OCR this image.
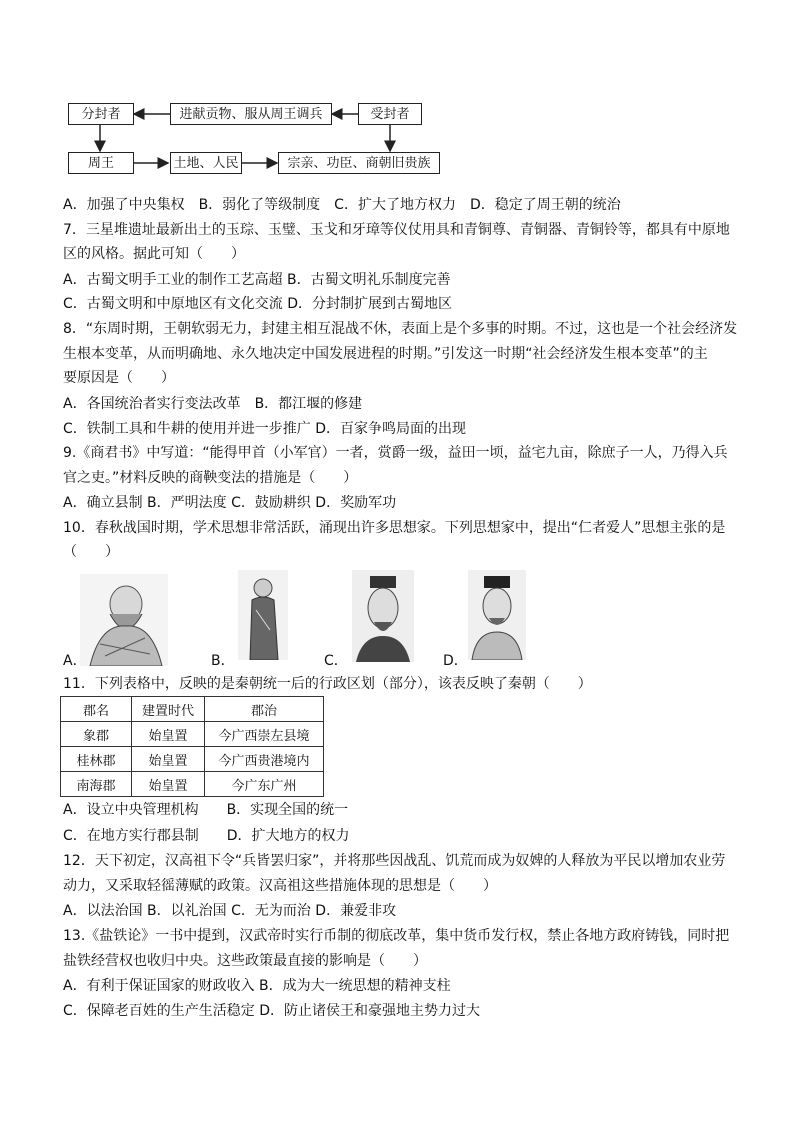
分封者	进献贡物、服从周王调兵	受封者
周王	土地、人民	宗亲、功臣、商朝旧贵族
A．加强了中央集权　B．弱化了等级制度　C．扩大了地方权力　D．稳定了周王朝的统治
7．三星堆遗址最新出土的玉琮、玉璧、玉戈和牙璋等仪仗用具和青铜尊、青铜器、青铜铃等，都具有中原地
区的风格。据此可知（　　）
A．古蜀文明手工业的制作工艺高超 B．古蜀文明礼乐制度完善
C．古蜀文明和中原地区有文化交流 D．分封制扩展到古蜀地区
8．“东周时期，王朝软弱无力，封建主相互混战不休，表面上是个多事的时期。不过，这也是一个社会经济发
生根本变革，从而明确地、永久地决定中国发展进程的时期。”引发这一时期“社会经济发生根本变革”的主
要原因是（　　）
A．各国统治者实行变法改革　B．都江堰的修建
C．铁制工具和牛耕的使用并进一步推广 D．百家争鸣局面的出现
9.《商君书》中写道：“能得甲首（小军官）一者，赏爵一级，益田一顷，益宅九亩，除庶子一人，乃得入兵
官之吏。”材料反映的商鞅变法的措施是（　　）
A．确立县制 B．严明法度 C．鼓励耕织 D．奖励军功
10．春秋战国时期，学术思想非常活跃，涌现出许多思想家。下列思想家中，提出“仁者爱人”思想主张的是
（　　）
A．	B．	C．	D．
11．下列表格中，反映的是秦朝统一后的行政区划（部分），该表反映了秦朝（　　）
郡名	建置时代	郡治
象郡	始皇置	今广西崇左县境
桂林郡	始皇置	今广西贵港境内
南海郡	始皇置	今广东广州
A．设立中央管理机构　　B．实现全国的统一
C．在地方实行郡县制　　D．扩大地方的权力
12．天下初定，汉高祖下令“兵皆罢归家”，并将那些因战乱、饥荒而成为奴婢的人释放为平民以增加农业劳
动力，又采取轻徭薄赋的政策。汉高祖这些措施体现的思想是（　　）
A．以法治国 B．以礼治国 C．无为而治 D．兼爱非攻
13.《盐铁论》一书中提到，汉武帝时实行币制的彻底改革，集中货币发行权，禁止各地方政府铸钱，同时把
盐铁经营权也收归中央。这些政策最直接的影响是（　　）
A．有利于保证国家的财政收入 B．成为大一统思想的精神支柱
C．保障老百姓的生产生活稳定 D．防止诸侯王和豪强地主势力过大
